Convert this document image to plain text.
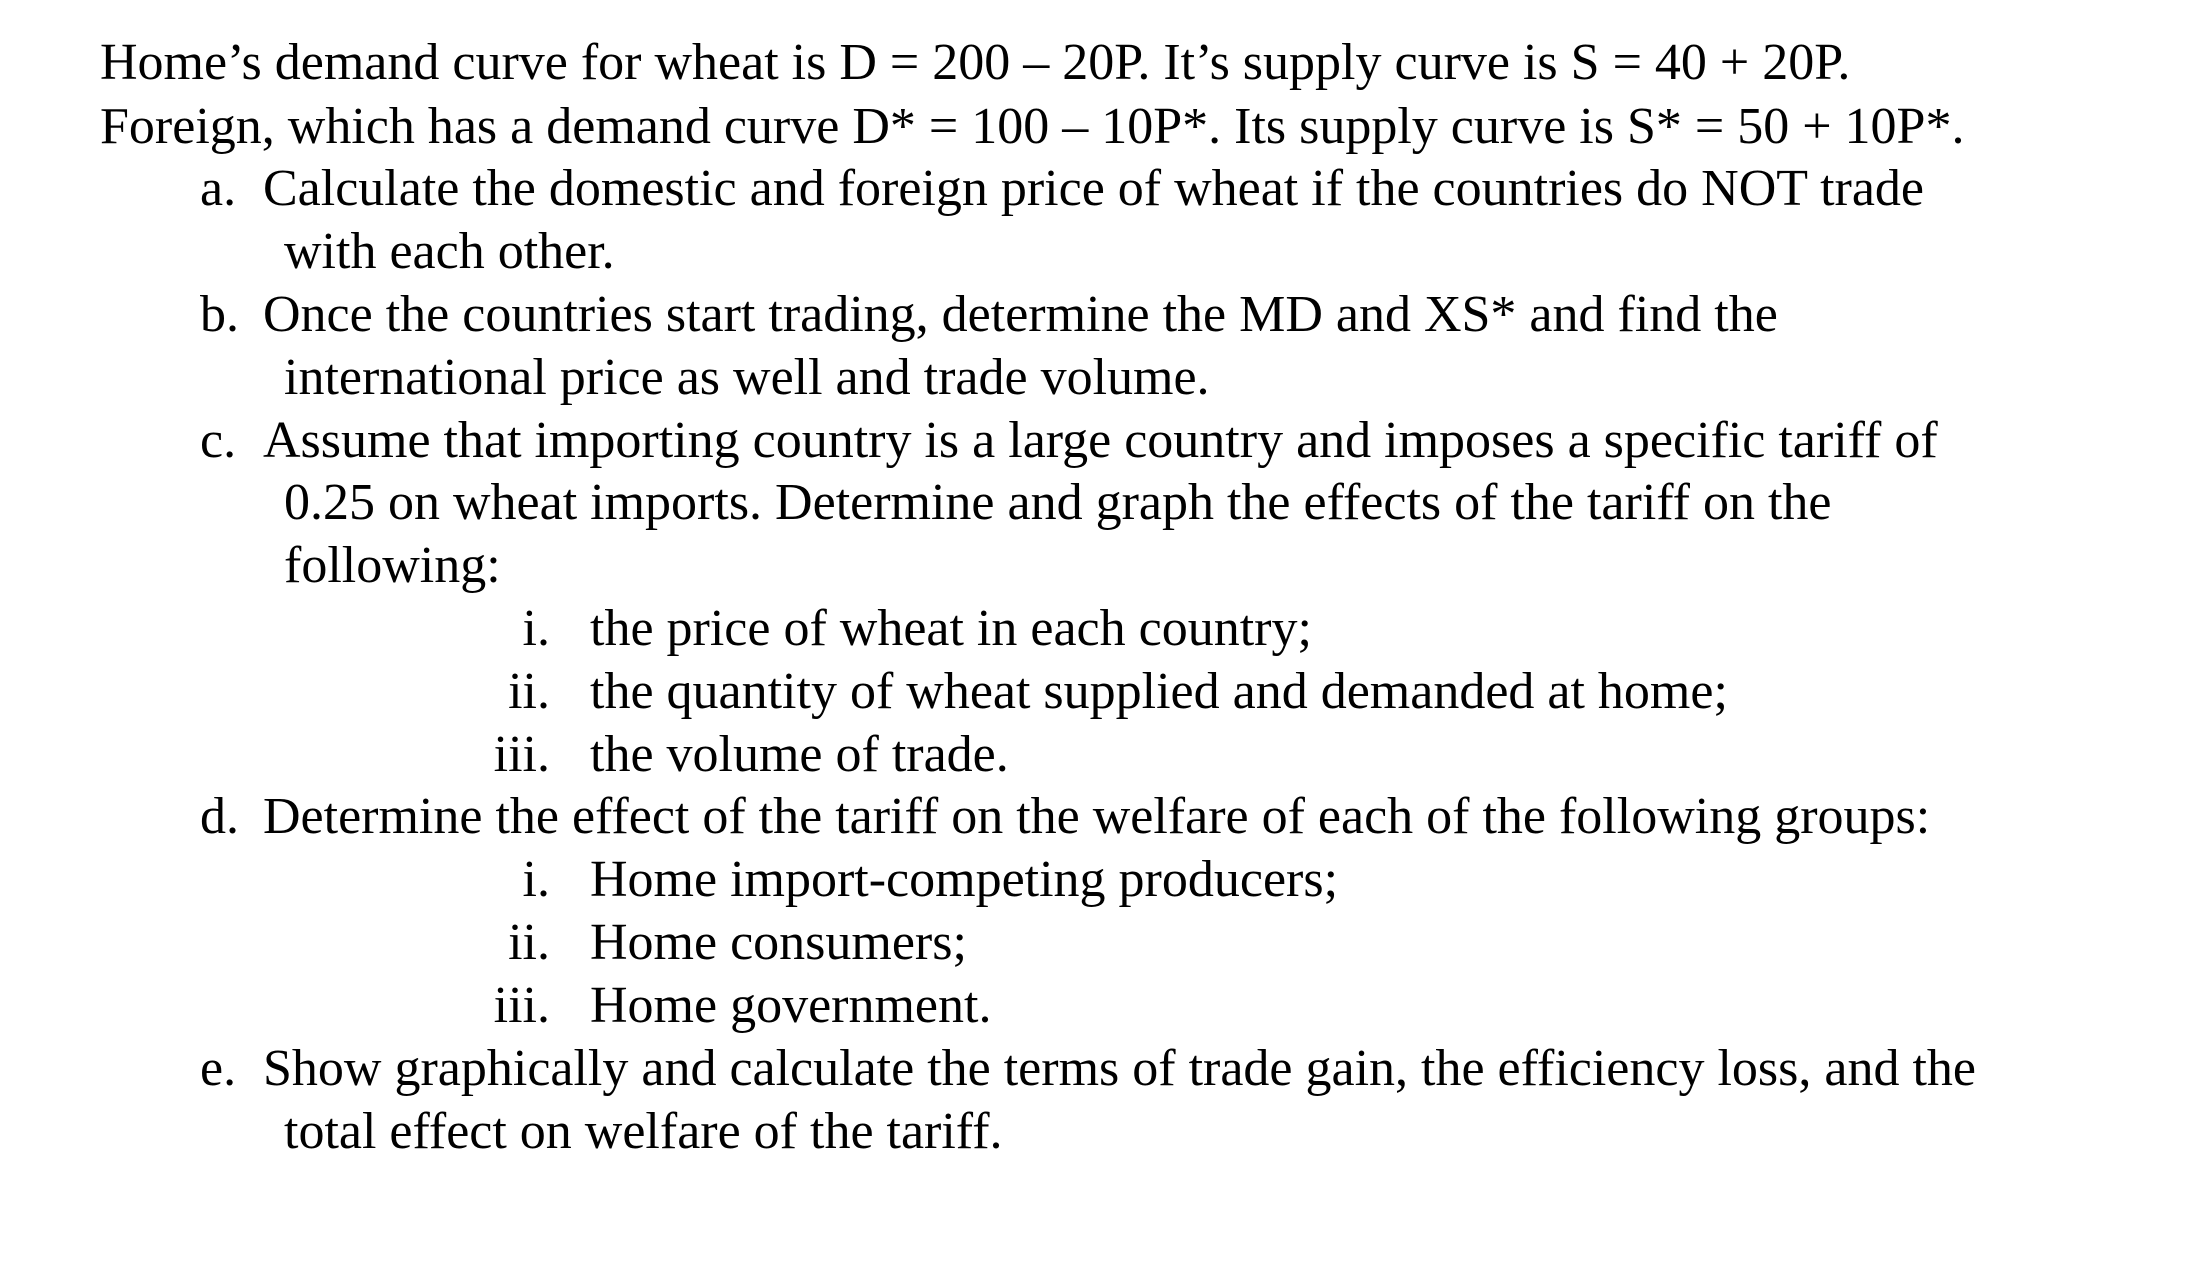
Home’s demand curve for wheat is D = 200 – 20P. It’s supply curve is S = 40 + 20P.
Foreign, which has a demand curve D* = 100 – 10P*. Its supply curve is S* = 50 + 10P*.
a. Calculate the domestic and foreign price of wheat if the countries do NOT trade
with each other.
b. Once the countries start trading, determine the MD and XS* and find the
international price as well and trade volume.
c. Assume that importing country is a large country and imposes a specific tariff of
0.25 on wheat imports. Determine and graph the effects of the tariff on the
following:
i. the price of wheat in each country;
ii. the quantity of wheat supplied and demanded at home;
iii. the volume of trade.
d. Determine the effect of the tariff on the welfare of each of the following groups:
i. Home import-competing producers;
ii. Home consumers;
iii. Home government.
e. Show graphically and calculate the terms of trade gain, the efficiency loss, and the
total effect on welfare of the tariff.
